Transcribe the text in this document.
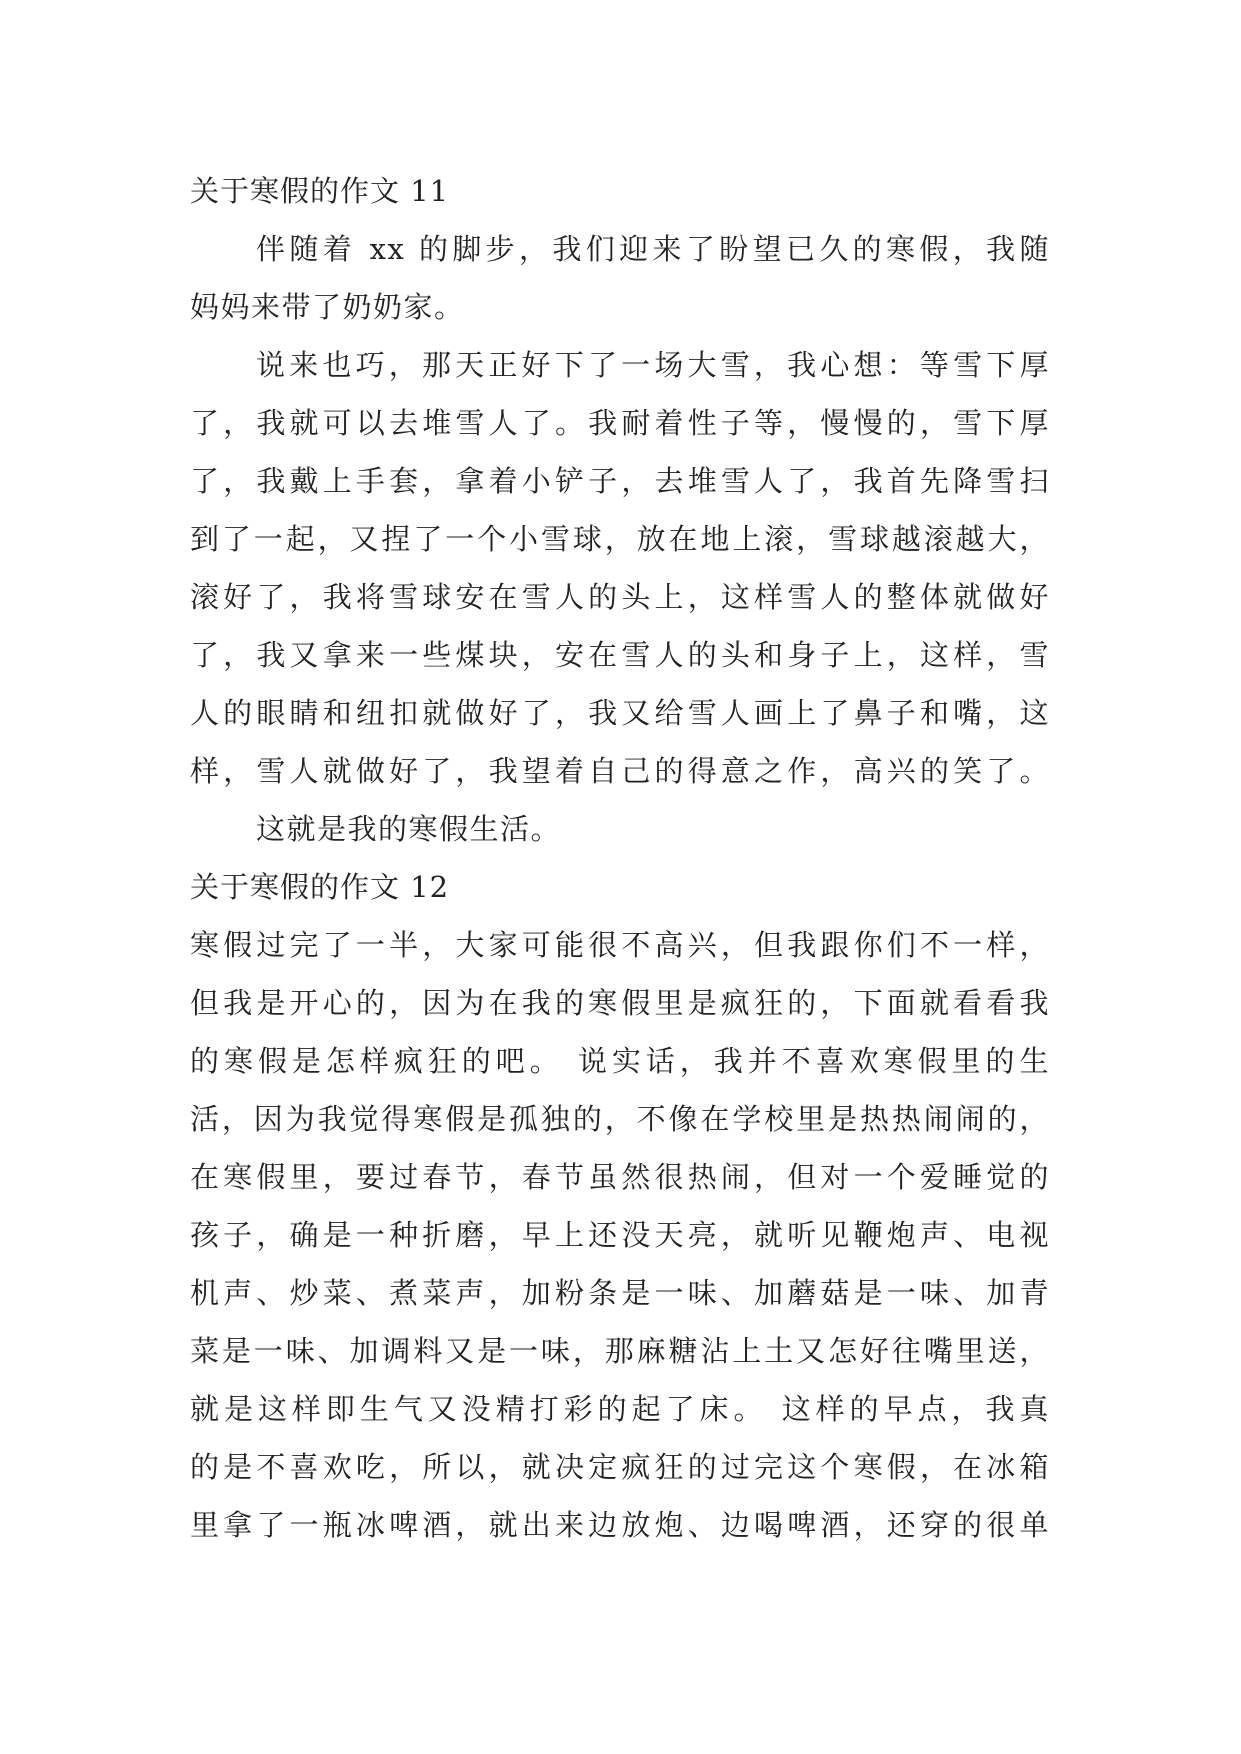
关于寒假的作文 11
伴随着 xx 的脚步，我们迎来了盼望已久的寒假，我随
妈妈来带了奶奶家。
说来也巧，那天正好下了一场大雪，我心想：等雪下厚
了，我就可以去堆雪人了。我耐着性子等，慢慢的，雪下厚
了，我戴上手套，拿着小铲子，去堆雪人了，我首先降雪扫
到了一起，又捏了一个小雪球，放在地上滚，雪球越滚越大，
滚好了，我将雪球安在雪人的头上，这样雪人的整体就做好
了，我又拿来一些煤块，安在雪人的头和身子上，这样，雪
人的眼睛和纽扣就做好了，我又给雪人画上了鼻子和嘴，这
样，雪人就做好了，我望着自己的得意之作，高兴的笑了。
这就是我的寒假生活。
关于寒假的作文 12
寒假过完了一半，大家可能很不高兴，但我跟你们不一样，
但我是开心的，因为在我的寒假里是疯狂的，下面就看看我
的寒假是怎样疯狂的吧。 说实话，我并不喜欢寒假里的生
活，因为我觉得寒假是孤独的，不像在学校里是热热闹闹的，
在寒假里，要过春节，春节虽然很热闹，但对一个爱睡觉的
孩子，确是一种折磨，早上还没天亮，就听见鞭炮声、电视
机声、炒菜、煮菜声，加粉条是一味、加蘑菇是一味、加青
菜是一味、加调料又是一味，那麻糖沾上土又怎好往嘴里送，
就是这样即生气又没精打彩的起了床。 这样的早点，我真
的是不喜欢吃，所以，就决定疯狂的过完这个寒假，在冰箱
里拿了一瓶冰啤酒，就出来边放炮、边喝啤酒，还穿的很单
